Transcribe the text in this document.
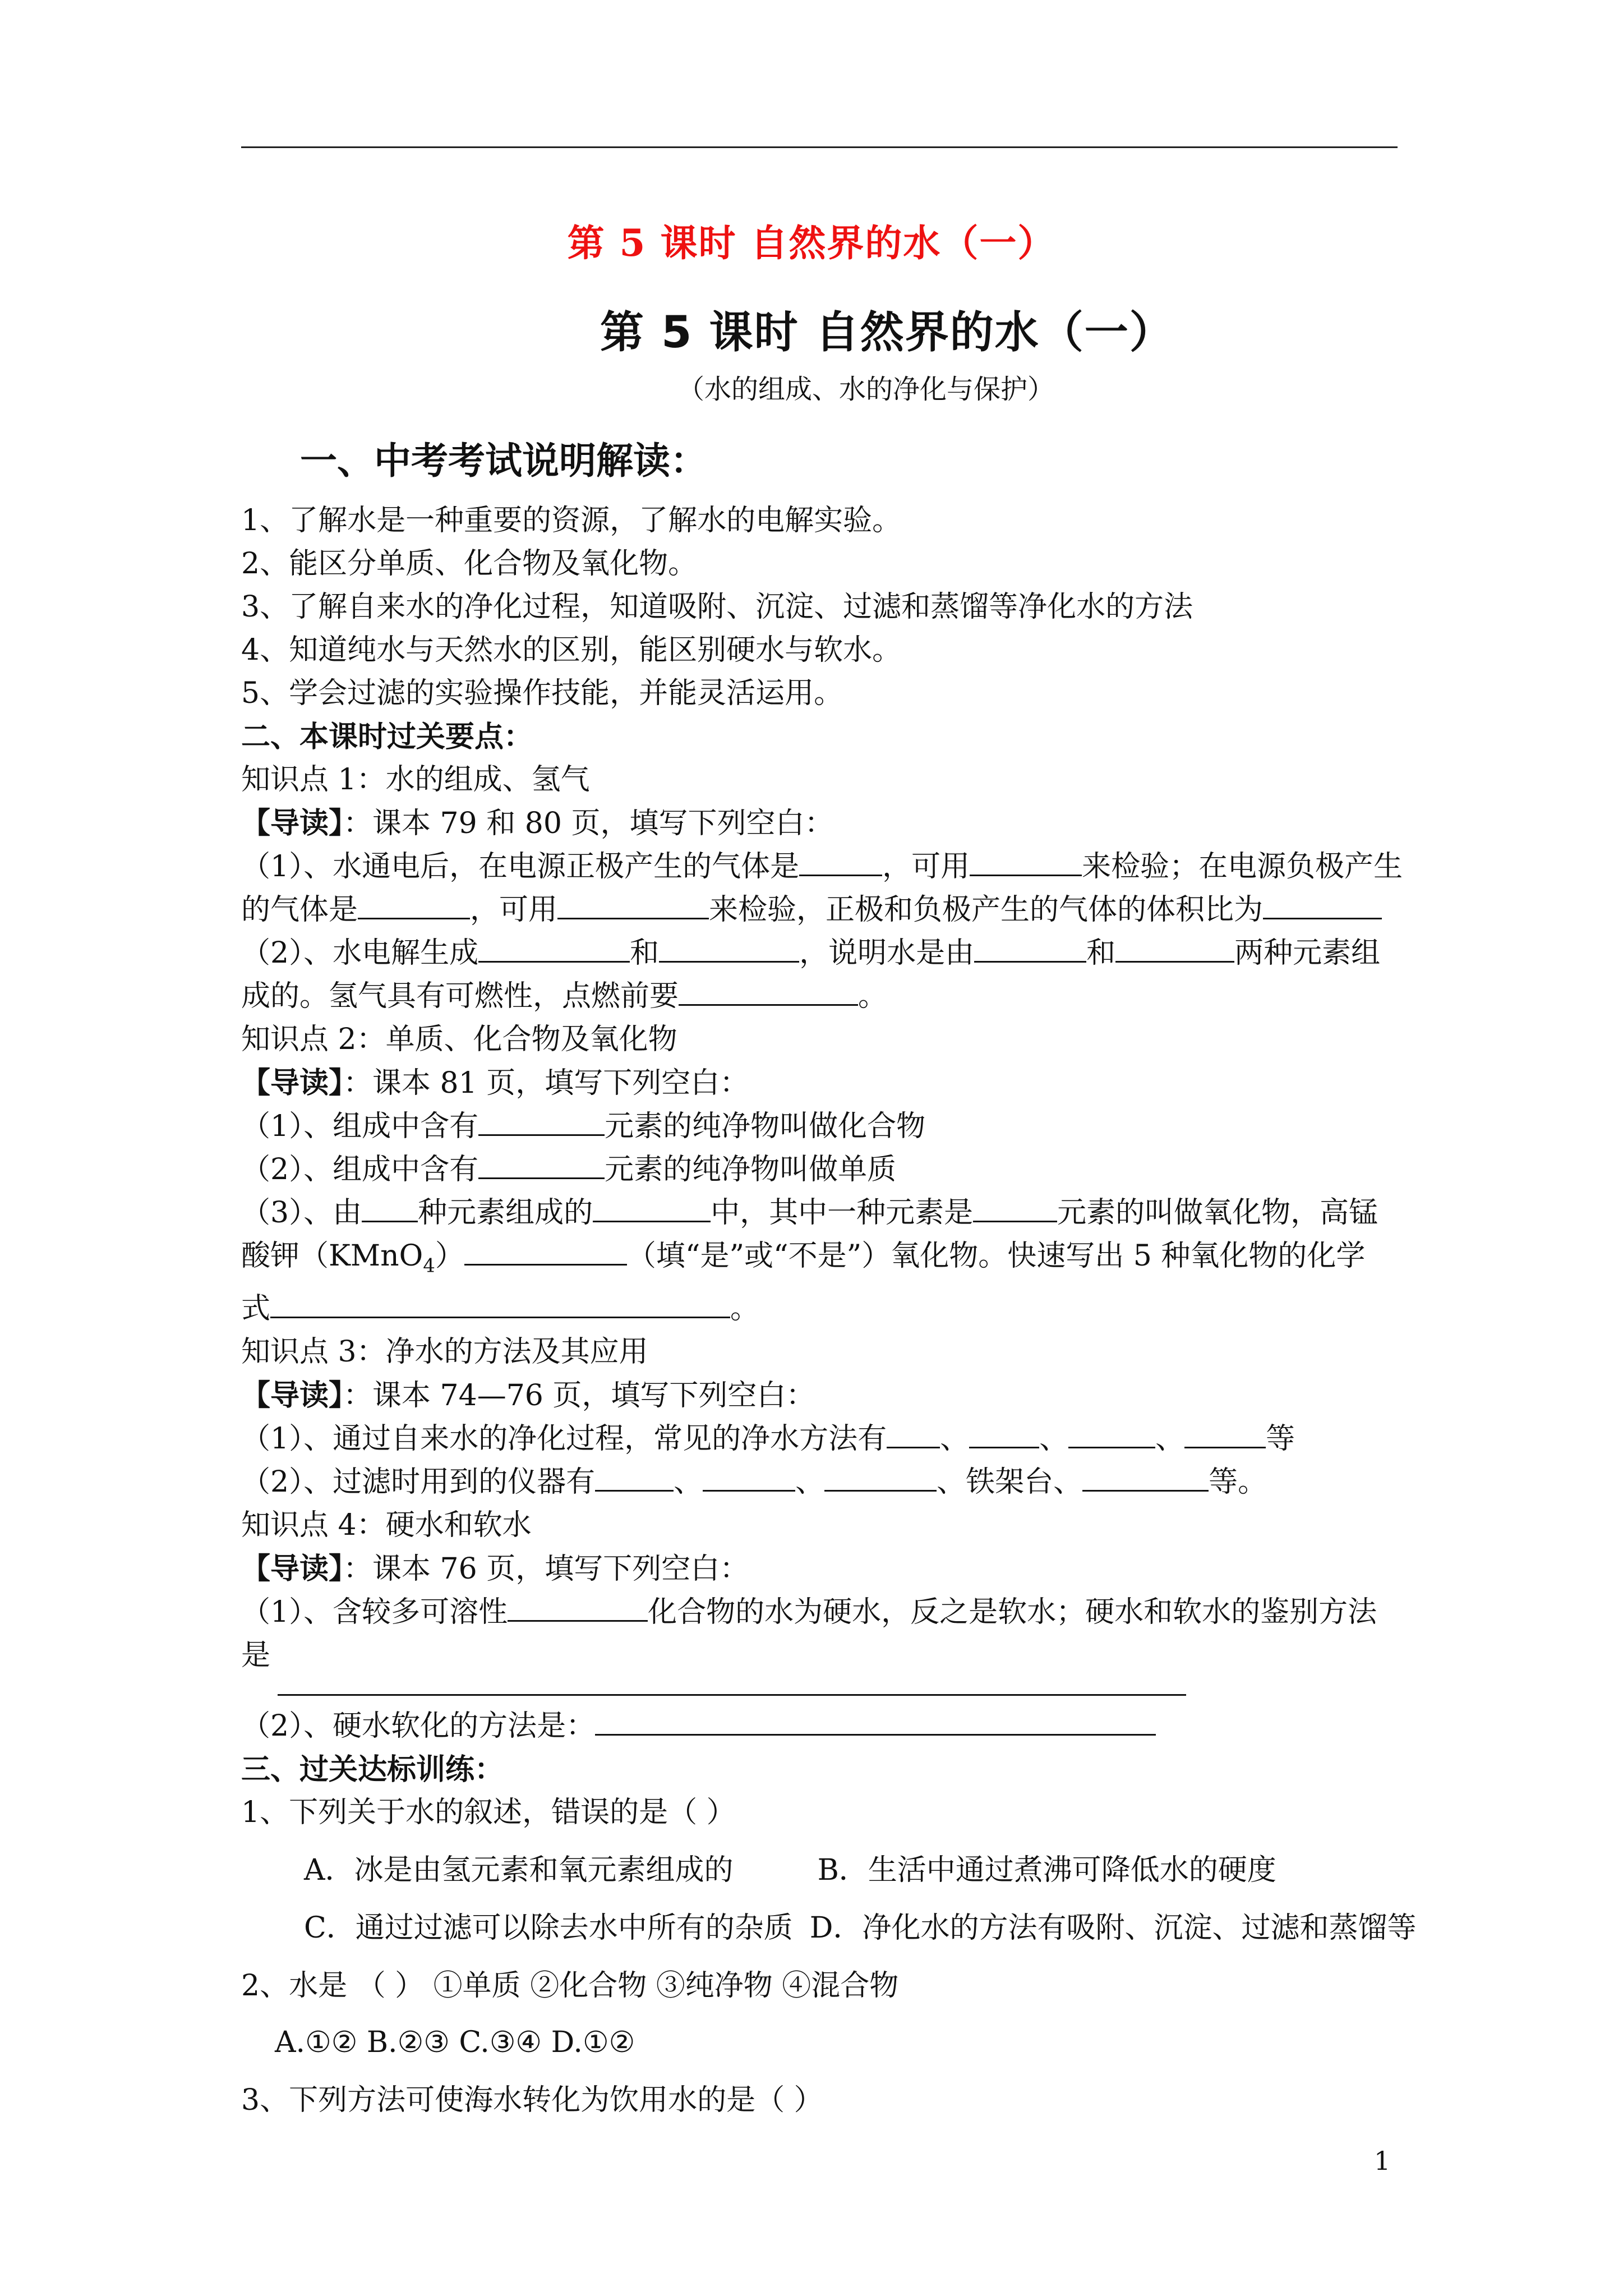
第 5 课时 自然界的水（一）
第 5 课时 自然界的水（一）
（水的组成、水的净化与保护）
一、中考考试说明解读：

1、了解水是一种重要的资源，了解水的电解实验。

2、能区分单质、化合物及氧化物。

3、了解自来水的净化过程，知道吸附、沉淀、过滤和蒸馏等净化水的方法

4、知道纯水与天然水的区别，能区别硬水与软水。

5、学会过滤的实验操作技能，并能灵活运用。

二、本课时过关要点：

知识点 1：水的组成、氢气

【导读】：课本 79 和 80 页，填写下列空白：

（1）、水通电后，在电源正极产生的气体是	，可用	来检验；在电源负极产生

的气体是	，可用	来检验，正极和负极产生的气体的体积比为

（2）、水电解生成	和	，说明水是由	和	两种元素组

成的。氢气具有可燃性，点燃前要	。

知识点 2：单质、化合物及氧化物

【导读】：课本 81 页，填写下列空白：

（1）、组成中含有	元素的纯净物叫做化合物

（2）、组成中含有	元素的纯净物叫做单质

（3）、由 种元素组成的	中，其中一种元素是	元素的叫做氧化物，高锰

酸钾（KMnO$_4$）	（填“是”或“不是”）氧化物。快速写出 5 种氧化物的化学

式	。

知识点 3：净水的方法及其应用

【导读】：课本 74—76 页，填写下列空白：

（1）、通过自来水的净化过程，常见的净水方法有 、 、	、	等

（2）、过滤时用到的仪器有	、	、	、铁架台、	等。

知识点 4：硬水和软水

【导读】：课本 76 页，填写下列空白：

（1）、含较多可溶性	化合物的水为硬水，反之是软水；硬水和软水的鉴别方法

是

（2）、硬水软化的方法是：

三、过关达标训练：

1、下列关于水的叙述，错误的是（ ）

A．冰是由氢元素和氧元素组成的	B．生活中通过煮沸可降低水的硬度

C．通过过滤可以除去水中所有的杂质 D．净化水的方法有吸附、沉淀、过滤和蒸馏等

2、水是 （ ） ①单质 ②化合物 ③纯净物 ④混合物

A.①② B.②③ C.③④ D.①②

3、下列方法可使海水转化为饮用水的是（ ）

1
